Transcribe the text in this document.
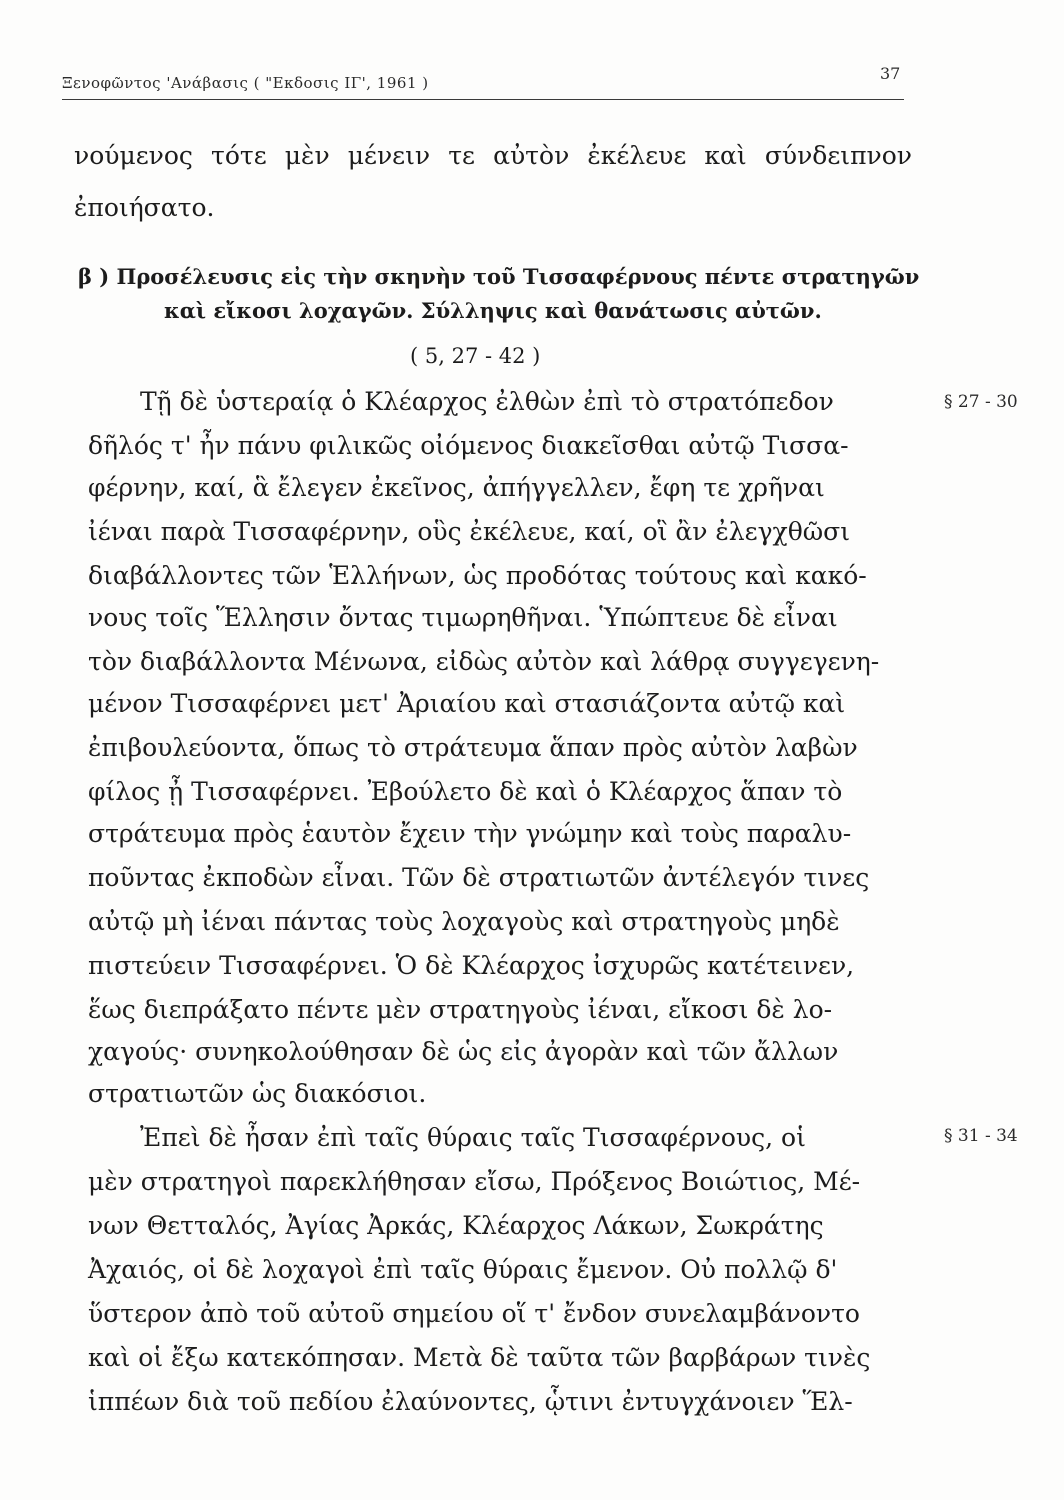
Ξενοφῶντος 'Ανάβασις ( "Εκδοσις ΙΓ', 1961 )	37
νούμενος τότε μὲν μένειν τε αὐτὸν ἐκέλευε καὶ σύνδειπνον
ἐποιήσατο.
β ) Προσέλευσις εἰς τὴν σκηνὴν τοῦ Τισσαφέρνους πέντε στρατηγῶν
καὶ εἴκοσι λοχαγῶν. Σύλληψις καὶ θανάτωσις αὐτῶν.
( 5, 27 - 42 )
§ 27 - 30
§ 31 - 34
Τῇ δὲ ὑστεραίᾳ ὁ Κλέαρχος ἐλθὼν ἐπὶ τὸ στρατόπεδον
δῆλός τ' ἦν πάνυ φιλικῶς οἰόμενος διακεῖσθαι αὐτῷ Τισσα-
φέρνην, καί, ἃ ἔλεγεν ἐκεῖνος, ἀπήγγελλεν, ἔφη τε χρῆναι
ἰέναι παρὰ Τισσαφέρνην, οὓς ἐκέλευε, καί, οἳ ἂν ἐλεγχθῶσι
διαβάλλοντες τῶν Ἑλλήνων, ὡς προδότας τούτους καὶ κακό-
νους τοῖς Ἕλλησιν ὄντας τιμωρηθῆναι. Ὑπώπτευε δὲ εἶναι
τὸν διαβάλλοντα Μένωνα, εἰδὼς αὐτὸν καὶ λάθρᾳ συγγεγενη-
μένον Τισσαφέρνει μετ' Ἀριαίου καὶ στασιάζοντα αὐτῷ καὶ
ἐπιβουλεύοντα, ὅπως τὸ στράτευμα ἅπαν πρὸς αὐτὸν λαβὼν
φίλος ᾖ Τισσαφέρνει. Ἐβούλετο δὲ καὶ ὁ Κλέαρχος ἅπαν τὸ
στράτευμα πρὸς ἑαυτὸν ἔχειν τὴν γνώμην καὶ τοὺς παραλυ-
ποῦντας ἐκποδὼν εἶναι. Τῶν δὲ στρατιωτῶν ἀντέλεγόν τινες
αὐτῷ μὴ ἰέναι πάντας τοὺς λοχαγοὺς καὶ στρατηγοὺς μηδὲ
πιστεύειν Τισσαφέρνει. Ὁ δὲ Κλέαρχος ἰσχυρῶς κατέτεινεν,
ἕως διεπράξατο πέντε μὲν στρατηγοὺς ἰέναι, εἴκοσι δὲ λο-
χαγούς· συνηκολούθησαν δὲ ὡς εἰς ἀγορὰν καὶ τῶν ἄλλων
στρατιωτῶν ὡς διακόσιοι.
Ἐπεὶ δὲ ἦσαν ἐπὶ ταῖς θύραις ταῖς Τισσαφέρνους, οἱ
μὲν στρατηγοὶ παρεκλήθησαν εἴσω, Πρόξενος Βοιώτιος, Μέ-
νων Θετταλός, Ἀγίας Ἀρκάς, Κλέαρχος Λάκων, Σωκράτης
Ἀχαιός, οἱ δὲ λοχαγοὶ ἐπὶ ταῖς θύραις ἔμενον. Οὐ πολλῷ δ'
ὕστερον ἀπὸ τοῦ αὐτοῦ σημείου οἵ τ' ἔνδον συνελαμβάνοντο
καὶ οἱ ἔξω κατεκόπησαν. Μετὰ δὲ ταῦτα τῶν βαρβάρων τινὲς
ἱππέων διὰ τοῦ πεδίου ἐλαύνοντες, ᾧτινι ἐντυγχάνοιεν Ἕλ-
